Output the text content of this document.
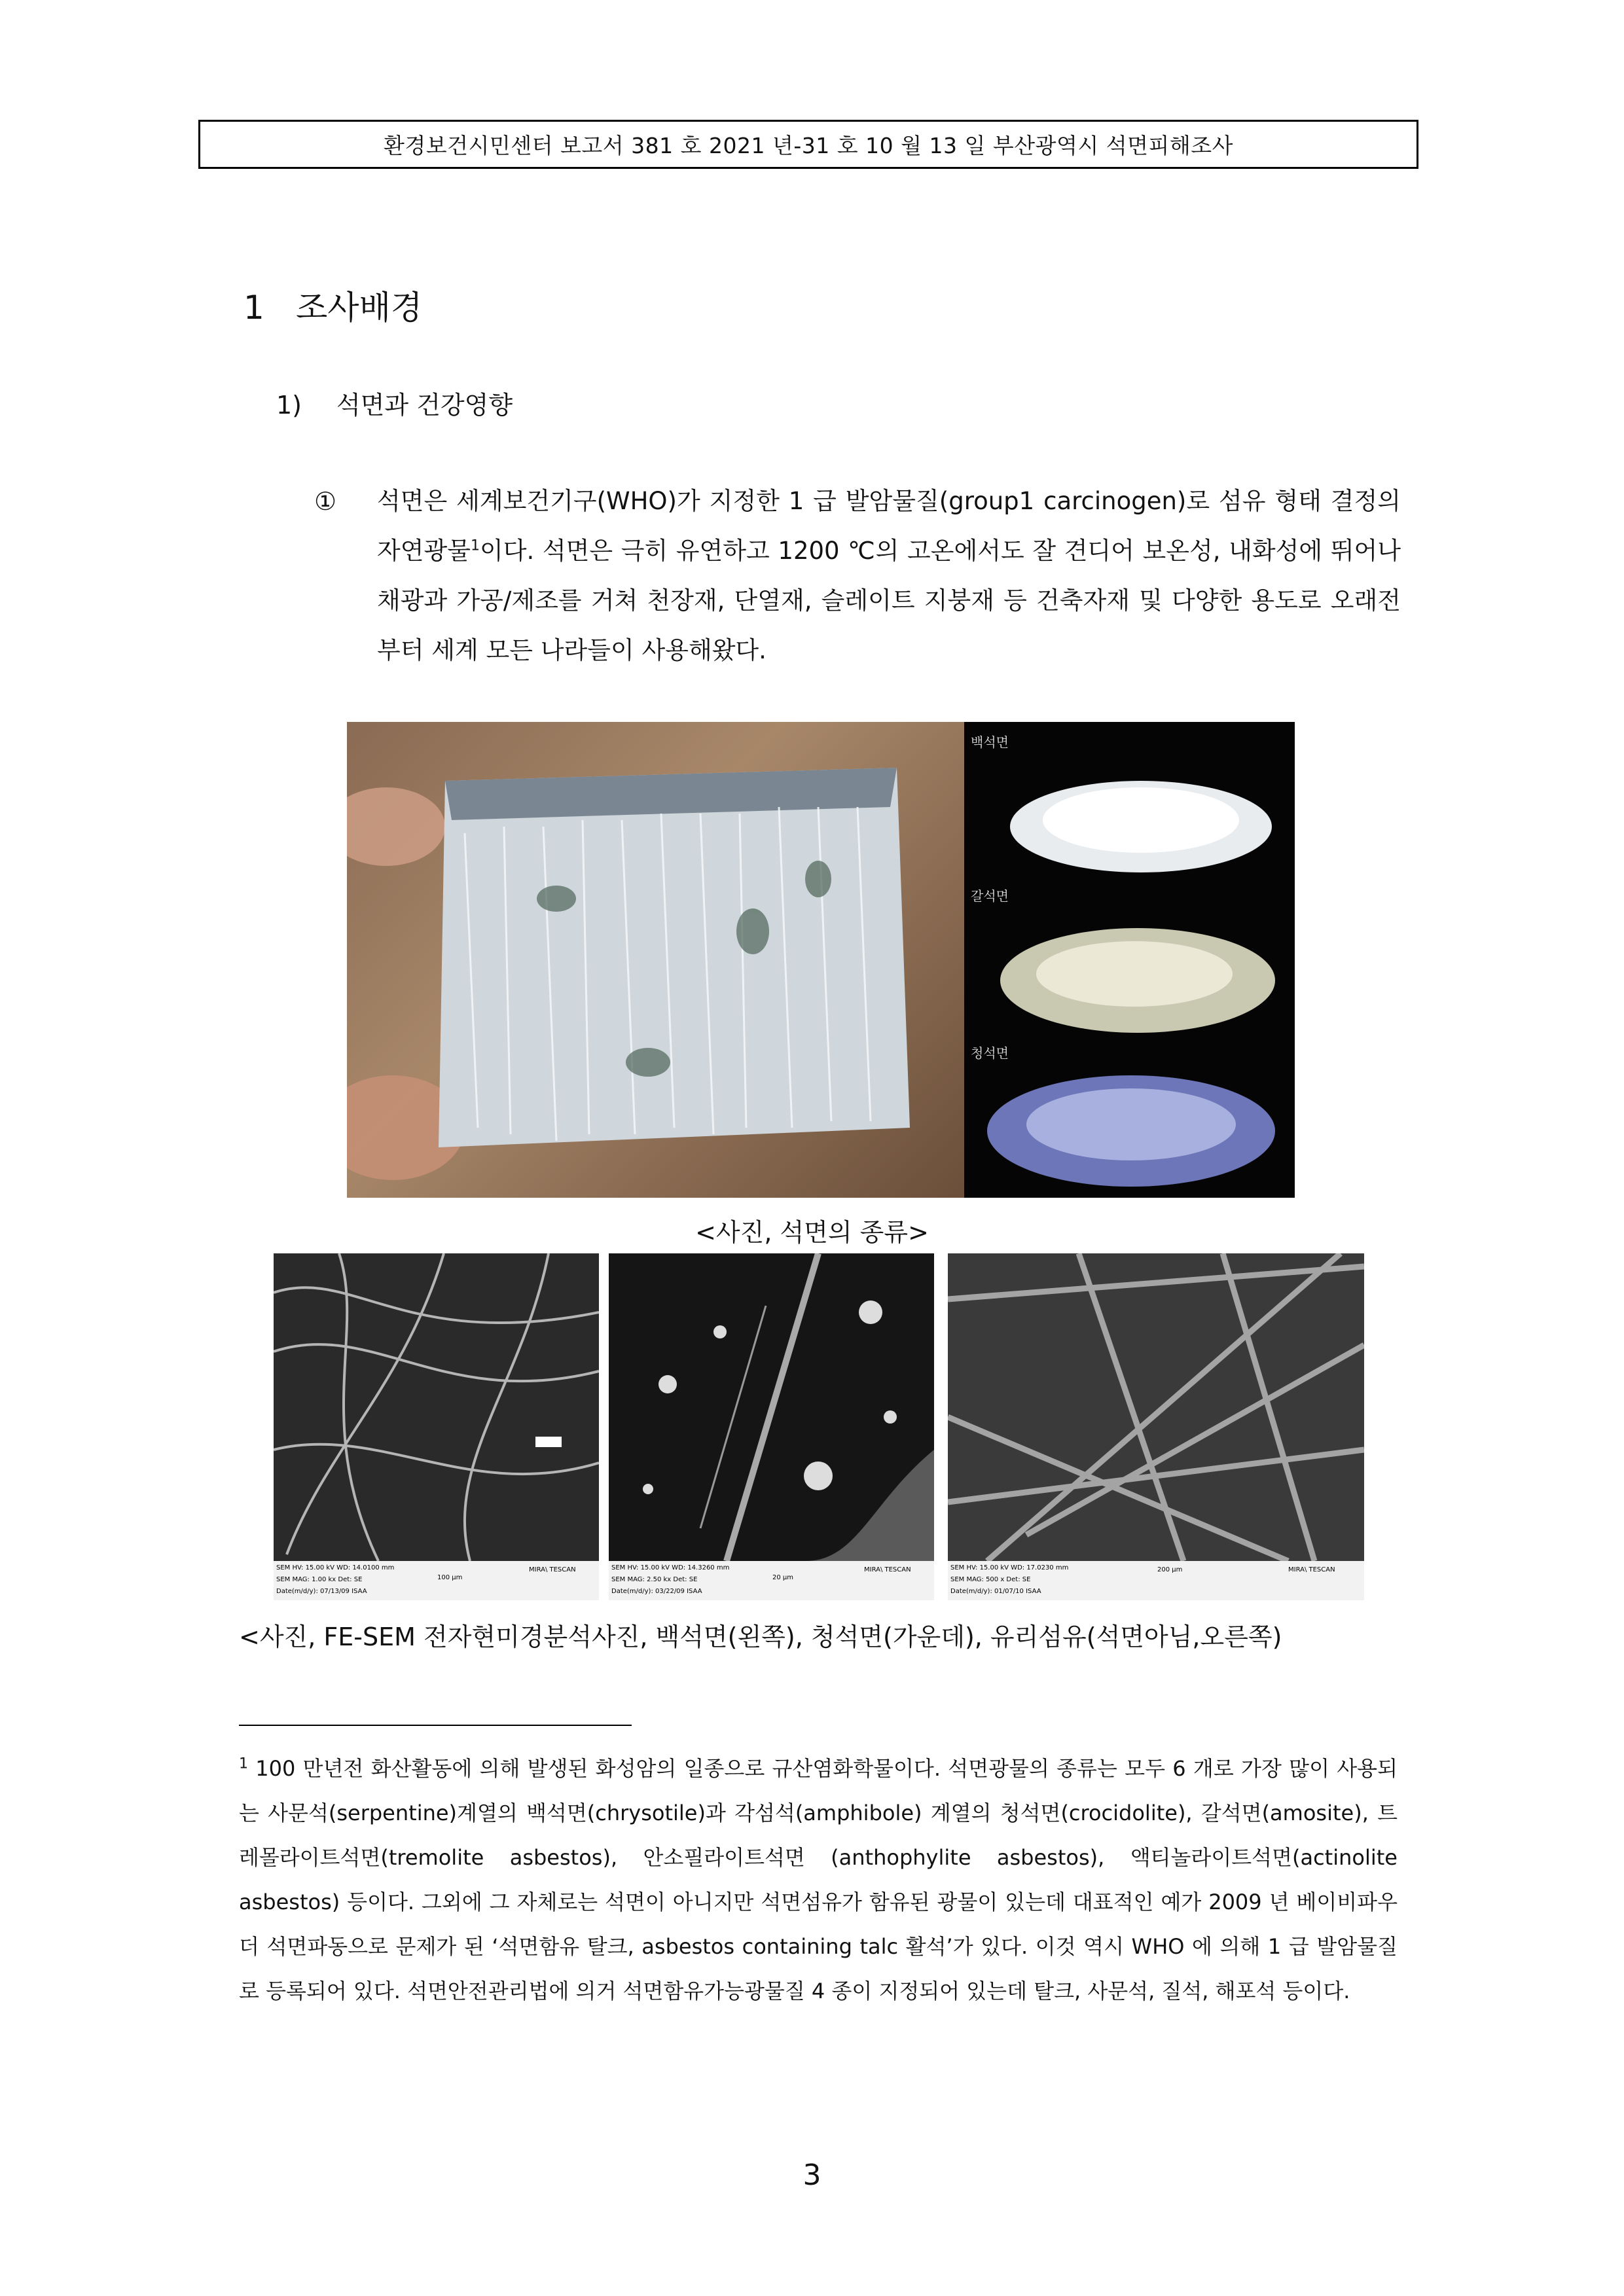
환경보건시민센터 보고서 381 호 2021 년-31 호 10 월 13 일 부산광역시 석면피해조사
1 조사배경
1) 석면과 건강영향
① 석면은 세계보건기구(WHO)가 지정한 1 급 발암물질(group1 carcinogen)로 섬유 형태 결정의 자연광물$^1$이다. 석면은 극히 유연하고 1200 ℃의 고온에서도 잘 견디어 보온성, 내화성에 뛰어나 채광과 가공/제조를 거쳐 천장재, 단열재, 슬레이트 지붕재 등 건축자재 및 다양한 용도로 오래전부터 세계 모든 나라들이 사용해왔다.
백석면
갈석면
청석면
<사진, 석면의 종류>
SEM HV: 15.00 kV WD: 14.0100 mm
SEM MAG: 1.00 kx Det: SE
Date(m/d/y): 07/13/09 ISAA
100 μm
MIRA\ TESCAN	SEM HV: 15.00 kV WD: 14.3260 mm
SEM MAG: 2.50 kx Det: SE
Date(m/d/y): 03/22/09 ISAA
20 μm
MIRA\ TESCAN	SEM HV: 15.00 kV WD: 17.0230 mm
SEM MAG: 500 x Det: SE
Date(m/d/y): 01/07/10 ISAA
200 μm	MIRA\ TESCAN
<사진, FE-SEM 전자현미경분석사진, 백석면(왼쪽), 청석면(가운데), 유리섬유(석면아님,오른쪽)
$^1$ 100 만년전 화산활동에 의해 발생된 화성암의 일종으로 규산염화학물이다. 석면광물의 종류는 모두 6 개로 가장 많이 사용되는 사문석(serpentine)계열의 백석면(chrysotile)과 각섬석(amphibole) 계열의 청석면(crocidolite), 갈석면(amosite), 트레몰라이트석면(tremolite asbestos), 안소필라이트석면 (anthophylite asbestos), 액티놀라이트석면(actinolite asbestos) 등이다. 그외에 그 자체로는 석면이 아니지만 석면섬유가 함유된 광물이 있는데 대표적인 예가 2009 년 베이비파우더 석면파동으로 문제가 된 ‘석면함유 탈크, asbestos containing talc 활석’가 있다. 이것 역시 WHO 에 의해 1 급 발암물질로 등록되어 있다. 석면안전관리법에 의거 석면함유가능광물질 4 종이 지정되어 있는데 탈크, 사문석, 질석, 해포석 등이다.
3
